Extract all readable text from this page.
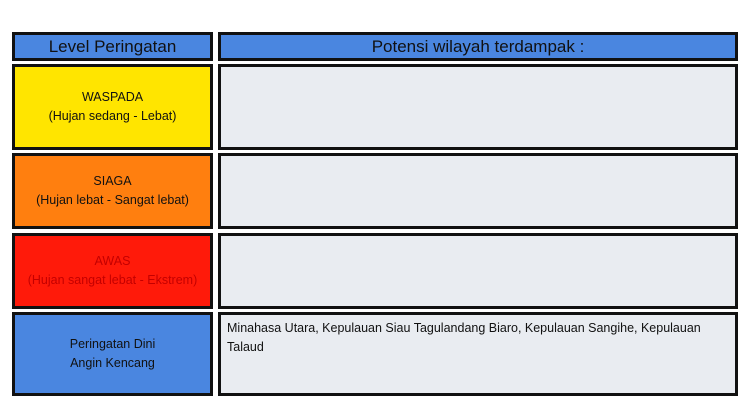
Level Peringatan	Potensi wilayah terdampak :
WASPADA
(Hujan sedang - Lebat)
SIAGA
(Hujan lebat - Sangat lebat)
AWAS
(Hujan sangat lebat - Ekstrem)
Peringatan Dini
Angin Kencang
Minahasa Utara, Kepulauan Siau Tagulandang Biaro, Kepulauan Sangihe, Kepulauan Talaud
